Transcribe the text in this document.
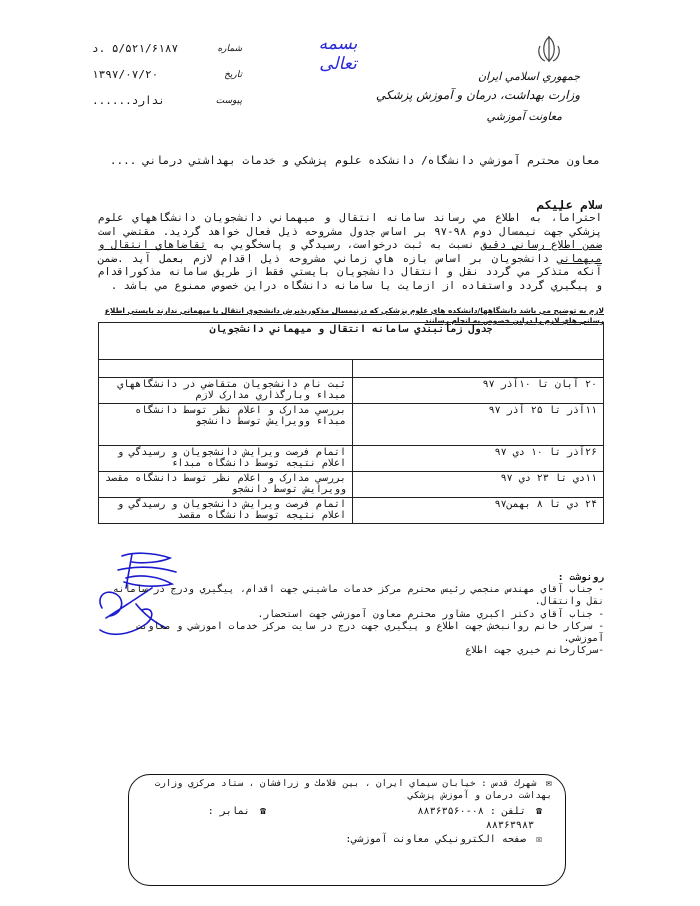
جمهوري اسلامي ايران
وزارت بهداشت، درمان و آموزش پزشکي
معاونت آموزشي
بسمه تعالی
شماره
۵/۵۲۱/۶۱۸۷ .د
تاريخ
۱۳۹۷/۰۷/۲۰
پيوست
ندارد......
معاون محترم آموزشي دانشگاه/ دانشکده علوم پزشکي و خدمات بهداشتي درماني ....
سلام عليکم
احتراماً، به اطلاع مي رساند سامانه انتقال و ميهماني دانشجويان دانشگاههاي علوم پزشکي جهت نيمسال دوم ۹۸-۹۷ بر اساس جدول مشروحه ذيل فعال خواهد گرديد. مقتضي است ضمن اطلاع رساني دقيق نسبت به ثبت درخواست، رسيدگي و پاسخگويي به تقاضاهاي انتقال و ميهماني دانشجويان بر اساس بازه هاي زماني مشروحه ذيل اقدام لازم بعمل آيد .ضمن آنکه متذکر مي گردد نقل و انتقال دانشجويان بايستي فقط از طريق سامانه مذکوراقدام و پيگيري گردد واستفاده از ازمايت يا سامانه دانشگاه دراين خصوص ممنوع مي باشد .
لازم به توضيح مي باشد دانشگاهها/دانشکده هاي علوم پزشکي که درنيمسال مذکورپذيرش دانشجوي انتقال يا ميهماني ندارند بايستي اطلاع رساني هاي لازم را دراين خصوص به انجام رسانند
جدول زمانبندي سامانه انتقال و ميهماني دانشجويان	

۲۰ آبان تا ۱۰آذر ۹۷	ثبت نام دانشجويان متقاضي در دانشگاههاي مبداء وبارگذاري مدارک لازم
۱۱آذر تا ۲۵ آذر ۹۷	بررسي مدارک و اعلام نظر توسط دانشگاه مبداء وويرايش توسط دانشجو
۲۶آذر تا ۱۰ دي ۹۷	اتمام فرصت ويرايش دانشجويان و رسيدگي و اعلام نتيجه توسط دانشگاه مبداء
۱۱دي تا ۲۳ دي ۹۷	بررسي مدارک و اعلام نظر توسط دانشگاه مقصد وويرايش توسط دانشجو
۲۴ دي تا ۸ بهمن۹۷	اتمام فرصت ويرايش دانشجويان و رسيدگي و اعلام نتيجه توسط دانشگاه مقصد
رونوشت :
- جناب آقاي مهندس منجمي رئيس محترم مرکز خدمات ماشيني جهت اقدام، پيگيري ودرج در سامانه نقل وانتقال.
- جناب آقاي دکتر اکبري مشاور محترم معاون آموزشي جهت استحضار.
- سرکار خانم روانبخش جهت اطلاع و پيگيري جهت درج در سايت مرکز خدمات اموزشي و معاونت آموزشي.
-سرکارخانم خيري جهت اطلاع
✉ شهرك قدس : خيابان سيماي ايران ، بين فلامك و زرافشان ، ستاد مركزي وزارت بهداشت درمان و آموزش پزشكي
☎ تلفن : ۰۸-۸۸۳۶۳۵۶۰
☎ نمابر :
۸۸۳۶۳۹۸۳
☒ صفحه الكترونيكي معاونت آموزشي:
